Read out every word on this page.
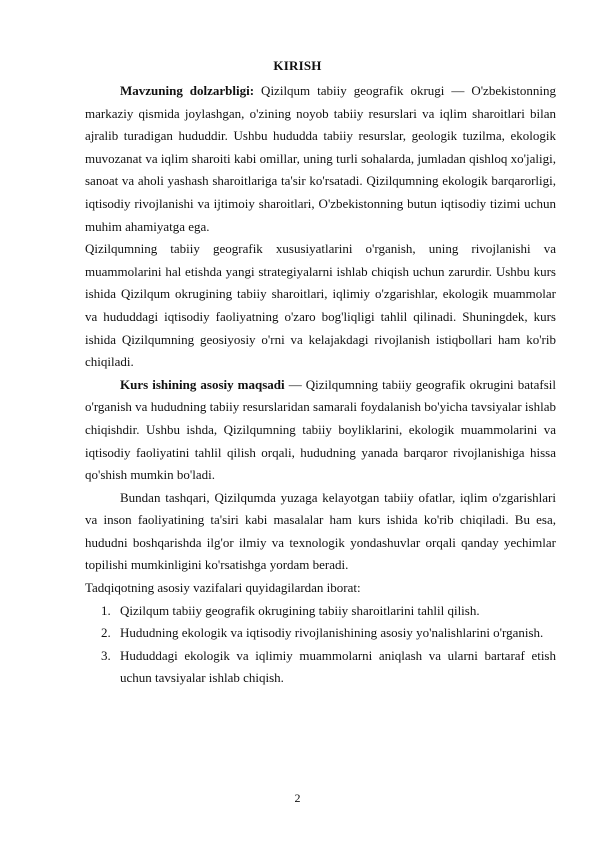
KIRISH

Mavzuning dolzarbligi: Qizilqum tabiiy geografik okrugi — O'zbekistonning markaziy qismida joylashgan, o'zining noyob tabiiy resurslari va iqlim sharoitlari bilan ajralib turadigan hududdir. Ushbu hududda tabiiy resurslar, geologik tuzilma, ekologik muvozanat va iqlim sharoiti kabi omillar, uning turli sohalarda, jumladan qishloq xo'jaligi, sanoat va aholi yashash sharoitlariga ta'sir ko'rsatadi. Qizilqumning ekologik barqarorligi, iqtisodiy rivojlanishi va ijtimoiy sharoitlari, O'zbekistonning butun iqtisodiy tizimi uchun muhim ahamiyatga ega.

Qizilqumning tabiiy geografik xususiyatlarini o'rganish, uning rivojlanishi va muammolarini hal etishda yangi strategiyalarni ishlab chiqish uchun zarurdir. Ushbu kurs ishida Qizilqum okrugining tabiiy sharoitlari, iqlimiy o'zgarishlar, ekologik muammolar va hududdagi iqtisodiy faoliyatning o'zaro bog'liqligi tahlil qilinadi. Shuningdek, kurs ishida Qizilqumning geosiyosiy o'rni va kelajakdagi rivojlanish istiqbollari ham ko'rib chiqiladi.

Kurs ishining asosiy maqsadi — Qizilqumning tabiiy geografik okrugini batafsil o'rganish va hududning tabiiy resurslaridan samarali foydalanish bo'yicha tavsiyalar ishlab chiqishdir. Ushbu ishda, Qizilqumning tabiiy boyliklarini, ekologik muammolarini va iqtisodiy faoliyatini tahlil qilish orqali, hududning yanada barqaror rivojlanishiga hissa qo'shish mumkin bo'ladi.

Bundan tashqari, Qizilqumda yuzaga kelayotgan tabiiy ofatlar, iqlim o'zgarishlari va inson faoliyatining ta'siri kabi masalalar ham kurs ishida ko'rib chiqiladi. Bu esa, hududni boshqarishda ilg'or ilmiy va texnologik yondashuvlar orqali qanday yechimlar topilishi mumkinligini ko'rsatishga yordam beradi.

Tadqiqotning asosiy vazifalari quyidagilardan iborat:

1. Qizilqum tabiiy geografik okrugining tabiiy sharoitlarini tahlil qilish.
2. Hududning ekologik va iqtisodiy rivojlanishining asosiy yo'nalishlarini o'rganish.
3. Hududdagi ekologik va iqlimiy muammolarni aniqlash va ularni bartaraf etish uchun tavsiyalar ishlab chiqish.
2
